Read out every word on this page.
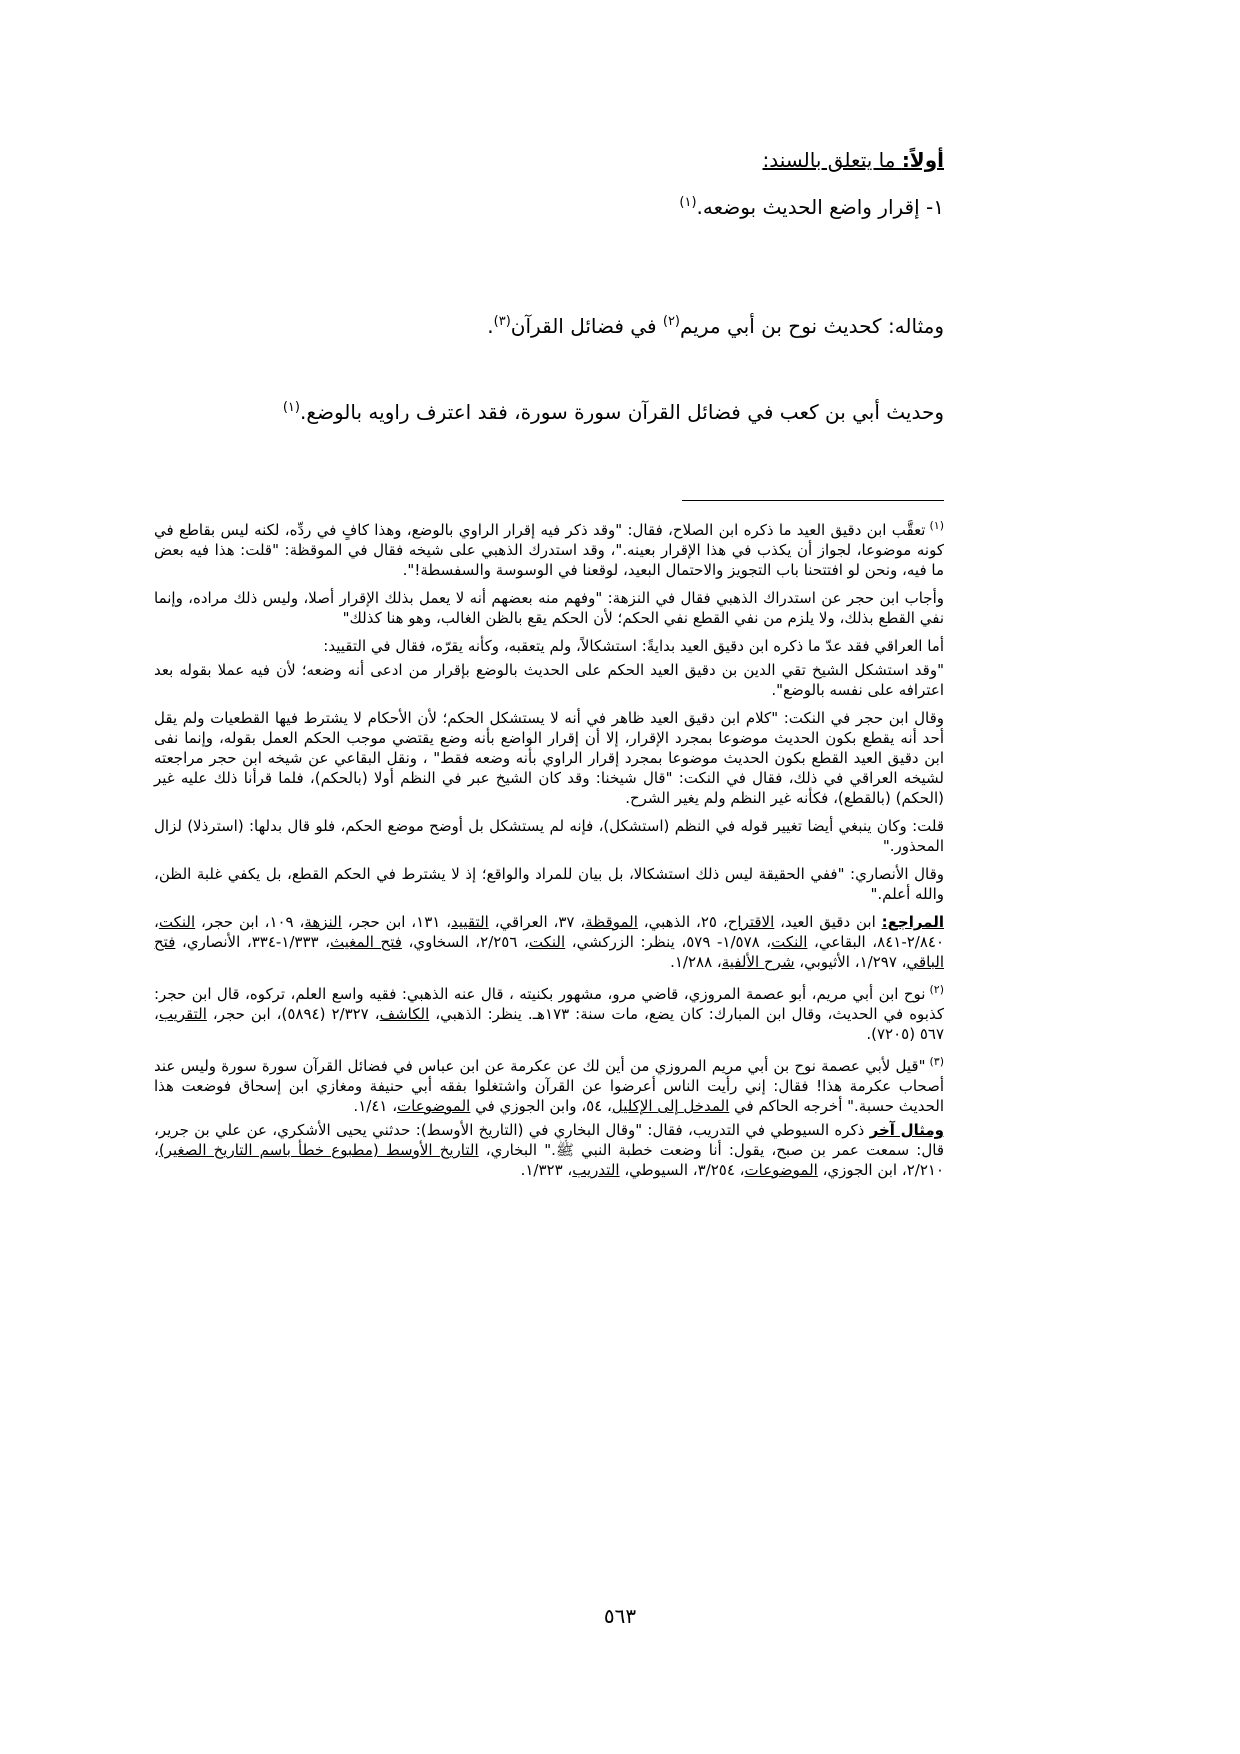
أولاً: ما يتعلق بالسند:
١- إقرار واضع الحديث بوضعه.$^{(١)}$
ومثاله: كحديث نوح بن أبي مريم$^{(٢)}$ في فضائل القرآن$^{(٣)}$.
وحديث أبي بن كعب في فضائل القرآن سورة سورة، فقد اعترف راويه بالوضع.$^{(١)}$

$^{(١)}$تعقَّب ابن دقيق العيد ما ذكره ابن الصلاح، فقال: "وقد ذكر فيه إقرار الراوي بالوضع، وهذا كافٍ في ردِّه، لكنه ليس بقاطع في كونه موضوعا، لجواز أن يكذب في هذا الإقرار بعينه."، وقد استدرك الذهبي على شيخه فقال في الموقظة: "قلت: هذا فيه بعض ما فيه، ونحن لو افتتحنا باب التجويز والاحتمال البعيد، لوقعنا في الوسوسة والسفسطة!".

وأجاب ابن حجر عن استدراك الذهبي فقال في النزهة: "وفهم منه بعضهم أنه لا يعمل بذلك الإقرار أصلا، وليس ذلك مراده، وإنما نفي القطع بذلك، ولا يلزم من نفي القطع نفي الحكم؛ لأن الحكم يقع بالظن الغالب، وهو هنا كذلك"

أما العراقي فقد عدّ ما ذكره ابن دقيق العيد بدايةً: استشكالاً، ولم يتعقبه، وكأنه يقرّه، فقال في التقييد:

"وقد استشكل الشيخ تقي الدين بن دقيق العيد الحكم على الحديث بالوضع بإقرار من ادعى أنه وضعه؛ لأن فيه عملا بقوله بعد اعترافه على نفسه بالوضع".

وقال ابن حجر في النكت: "كلام ابن دقيق العيد ظاهر في أنه لا يستشكل الحكم؛ لأن الأحكام لا يشترط فيها القطعيات ولم يقل أحد أنه يقطع بكون الحديث موضوعا بمجرد الإقرار، إلا أن إقرار الواضع بأنه وضع يقتضي موجب الحكم العمل بقوله، وإنما نفى ابن دقيق العيد القطع بكون الحديث موضوعا بمجرد إقرار الراوي بأنه وضعه فقط" ، ونقل البقاعي عن شيخه ابن حجر مراجعته لشيخه العراقي في ذلك، فقال في النكت: "قال شيخنا: وقد كان الشيخ عبر في النظم أولا (بالحكم)، فلما قرأنا ذلك عليه غير (الحكم) (بالقطع)، فكأنه غير النظم ولم يغير الشرح.

قلت: وكان ينبغي أيضا تغيير قوله في النظم (استشكل)، فإنه لم يستشكل بل أوضح موضع الحكم، فلو قال بدلها: (استرذلا) لزال المحذور."

وقال الأنصاري: "ففي الحقيقة ليس ذلك استشكالا، بل بيان للمراد والواقع؛ إذ لا يشترط في الحكم القطع، بل يكفي غلبة الظن، والله أعلم."

المراجع: ابن دقيق العيد، الاقتراح، ٢٥، الذهبي، الموقظة، ٣٧، العراقي، التقييد، ١٣١، ابن حجر، النزهة، ١٠٩، ابن حجر، النكت، ٢/٨٤٠-٨٤١، البقاعي، النكت، ١/٥٧٨- ٥٧٩، ينظر: الزركشي، النكت، ٢/٢٥٦، السخاوي، فتح المغيث، ١/٣٣٣-٣٣٤، الأنصاري، فتح الباقي، ١/٢٩٧، الأثيوبي، شرح الألفية، ١/٢٨٨.

$^{(٢)}$نوح ابن أبي مريم، أبو عصمة المروزي، قاضي مرو، مشهور بكنيته ، قال عنه الذهبي: فقيه واسع العلم، تركوه، قال ابن حجر: كذبوه في الحديث، وقال ابن المبارك: كان يضع، مات سنة: ١٧٣هـ. ينظر: الذهبي، الكاشف، ٢/٣٢٧ (٥٨٩٤)، ابن حجر، التقريب، ٥٦٧ (٧٢٠٥).

$^{(٣)}$"قيل لأبي عصمة نوح بن أبي مريم المروزي من أين لك عن عكرمة عن ابن عباس في فضائل القرآن سورة سورة وليس عند أصحاب عكرمة هذا! فقال: إني رأيت الناس أعرضوا عن القرآن واشتغلوا بفقه أبي حنيفة ومغازي ابن إسحاق فوضعت هذا الحديث حسبة." أخرجه الحاكم في المدخل إلى الإكليل، ٥٤، وابن الجوزي في الموضوعات، ١/٤١.

ومثال آخر ذكره السيوطي في التدريب، فقال: "وقال البخاري في (التاريخ الأوسط): حدثني يحيى الأشكري، عن علي بن جرير، قال: سمعت عمر بن صبح، يقول: أنا وضعت خطبة النبي ﷺ." البخاري، التاريخ الأوسط (مطبوع خطأ باسم التاريخ الصغير)، ٢/٢١٠، ابن الجوزي، الموضوعات، ٣/٢٥٤، السيوطي، التدريب، ١/٣٢٣.

٥٦٣
